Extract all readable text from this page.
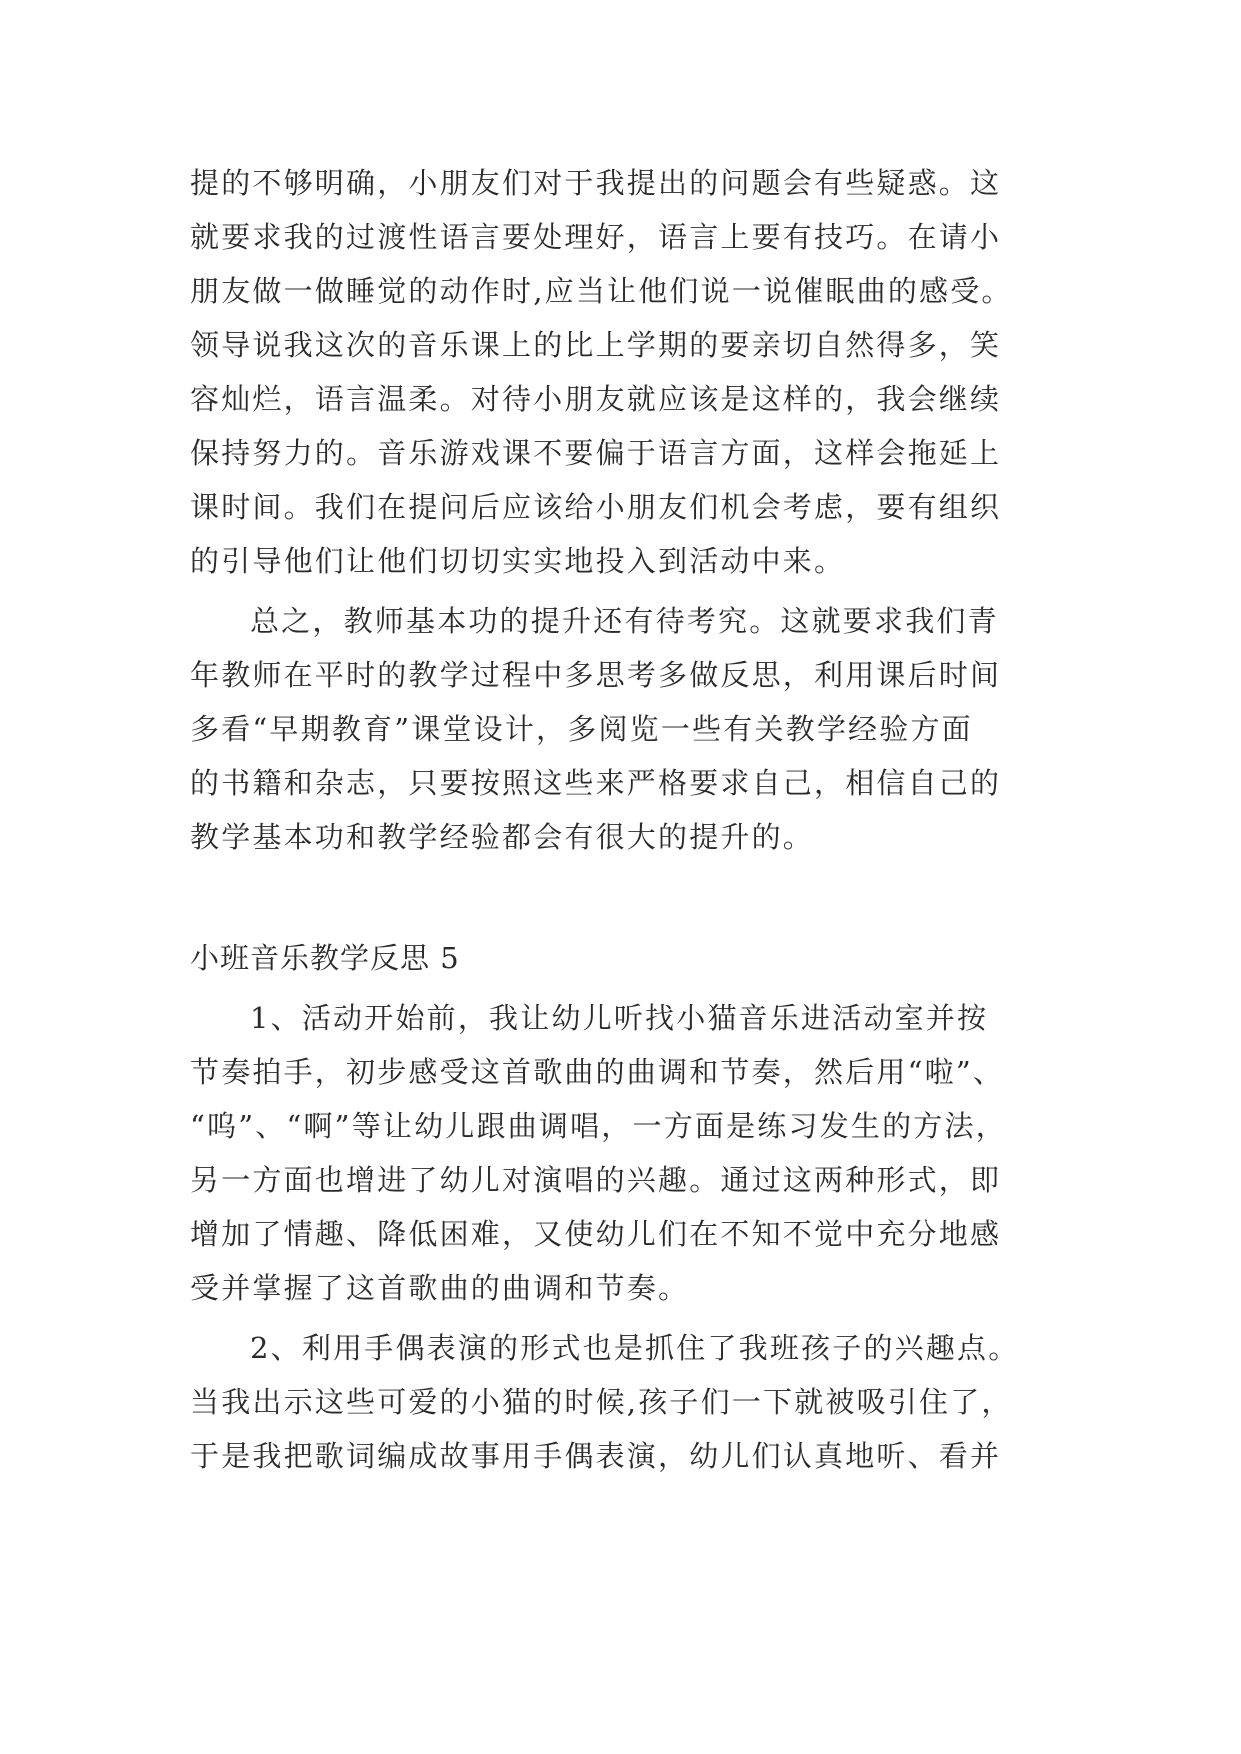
提的不够明确，小朋友们对于我提出的问题会有些疑惑。这
就要求我的过渡性语言要处理好，语言上要有技巧。在请小
朋友做一做睡觉的动作时,应当让他们说一说催眠曲的感受。
领导说我这次的音乐课上的比上学期的要亲切自然得多，笑
容灿烂，语言温柔。对待小朋友就应该是这样的，我会继续
保持努力的。音乐游戏课不要偏于语言方面，这样会拖延上
课时间。我们在提问后应该给小朋友们机会考虑，要有组织
的引导他们让他们切切实实地投入到活动中来。
总之，教师基本功的提升还有待考究。这就要求我们青
年教师在平时的教学过程中多思考多做反思，利用课后时间
多看“早期教育”课堂设计，多阅览一些有关教学经验方面
的书籍和杂志，只要按照这些来严格要求自己，相信自己的
教学基本功和教学经验都会有很大的提升的。
小班音乐教学反思 5
1、活动开始前，我让幼儿听找小猫音乐进活动室并按
节奏拍手，初步感受这首歌曲的曲调和节奏，然后用“啦”、
“呜”、“啊”等让幼儿跟曲调唱，一方面是练习发生的方法，
另一方面也增进了幼儿对演唱的兴趣。通过这两种形式，即
增加了情趣、降低困难，又使幼儿们在不知不觉中充分地感
受并掌握了这首歌曲的曲调和节奏。
2、利用手偶表演的形式也是抓住了我班孩子的兴趣点。
当我出示这些可爱的小猫的时候,孩子们一下就被吸引住了，
于是我把歌词编成故事用手偶表演，幼儿们认真地听、看并
